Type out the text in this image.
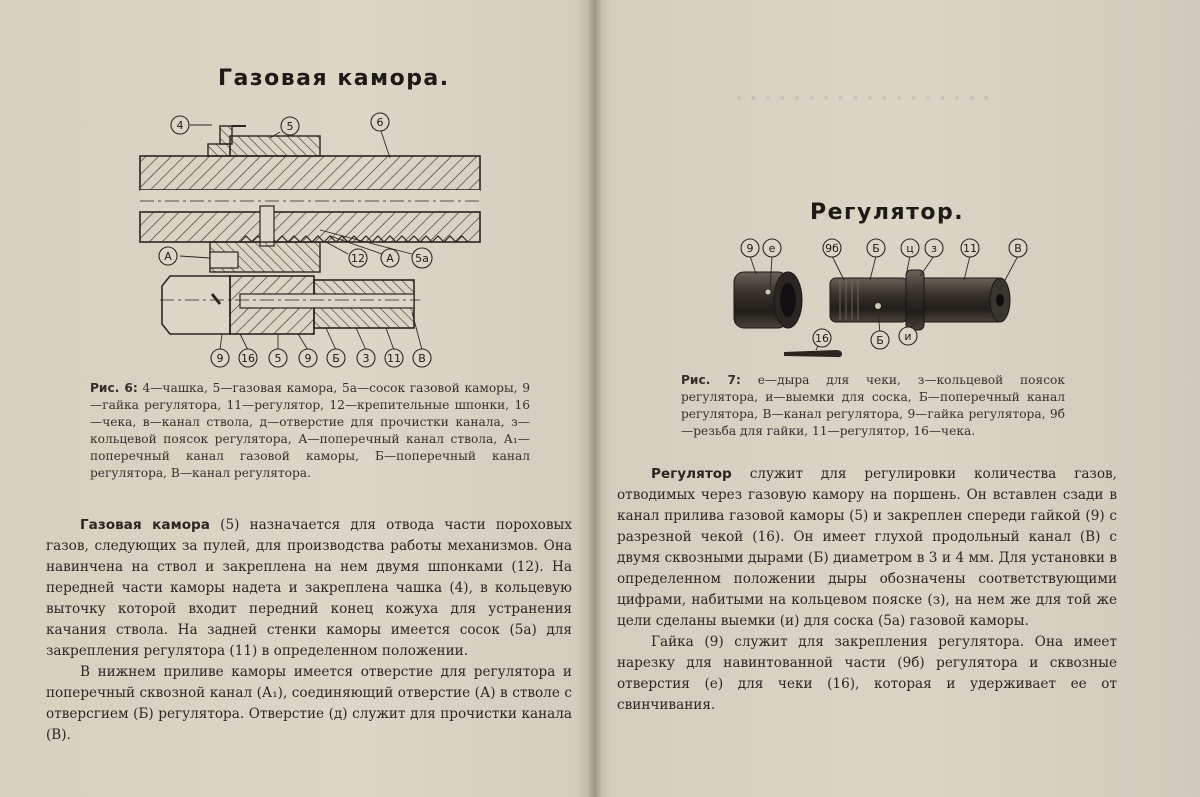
Газовая камора.
4	5	6
А	12 А 5а
9 16 5 9 Б 3 11 В
Рис. 6: 4—чашка, 5—газовая камора, 5а—сосок газовой каморы, 9—гайка регулятора, 11—регулятор, 12—крепительные шпонки, 16—чека, в—канал ствола, д—отверстие для прочистки канала, з—кольцевой поясок регулятора, А—поперечный канал ствола, А₁—поперечный канал газовой каморы, Б—поперечный канал регулятора, В—канал регулятора.

Газовая камора (5) назначается для отвода части пороховых газов, следующих за пулей, для производства работы механизмов. Она навинчена на ствол и закреплена на нем двумя шпонками (12). На передней части каморы надета и закреплена чашка (4), в кольцевую выточку которой входит передний конец кожуха для устранения качания ствола. На задней стенки каморы имеется сосок (5а) для закрепления регулятора (11) в определенном положении.

В нижнем приливе каморы имеется отверстие для регулятора и поперечный сквозной канал (А₁), соединяющий отверстие (А) в стволе с отверсгием (Б) регулятора. Отверстие (д) служит для прочистки канала (В).

· · · · · · · · · · · · · · · · · ·
Регулятор.
9 е	9б	Б ц з 11	В
16	Б и
Рис. 7: е—дыра для чеки, з—кольцевой поясок регулятора, и—выемки для соска, Б—поперечный канал регулятора, В—канал регулятора, 9—гайка регулятора, 9б—резьба для гайки, 11—регулятор, 16—чека.

Регулятор служит для регулировки количества газов, отводимых через газовую камору на поршень. Он вставлен сзади в канал прилива газовой каморы (5) и закреплен спереди гайкой (9) с разрезной чекой (16). Он имеет глухой продольный канал (В) с двумя сквозными дырами (Б) диаметром в 3 и 4 мм. Для установки в определенном положении дыры обозначены соответствующими цифрами, набитыми на кольцевом пояске (з), на нем же для той же цели сделаны выемки (и) для соска (5а) газовой каморы.

Гайка (9) служит для закрепления регулятора. Она имеет нарезку для навинтованной части (9б) регулятора и сквозные отверстия (е) для чеки (16), которая и удерживает ее от свинчивания.
